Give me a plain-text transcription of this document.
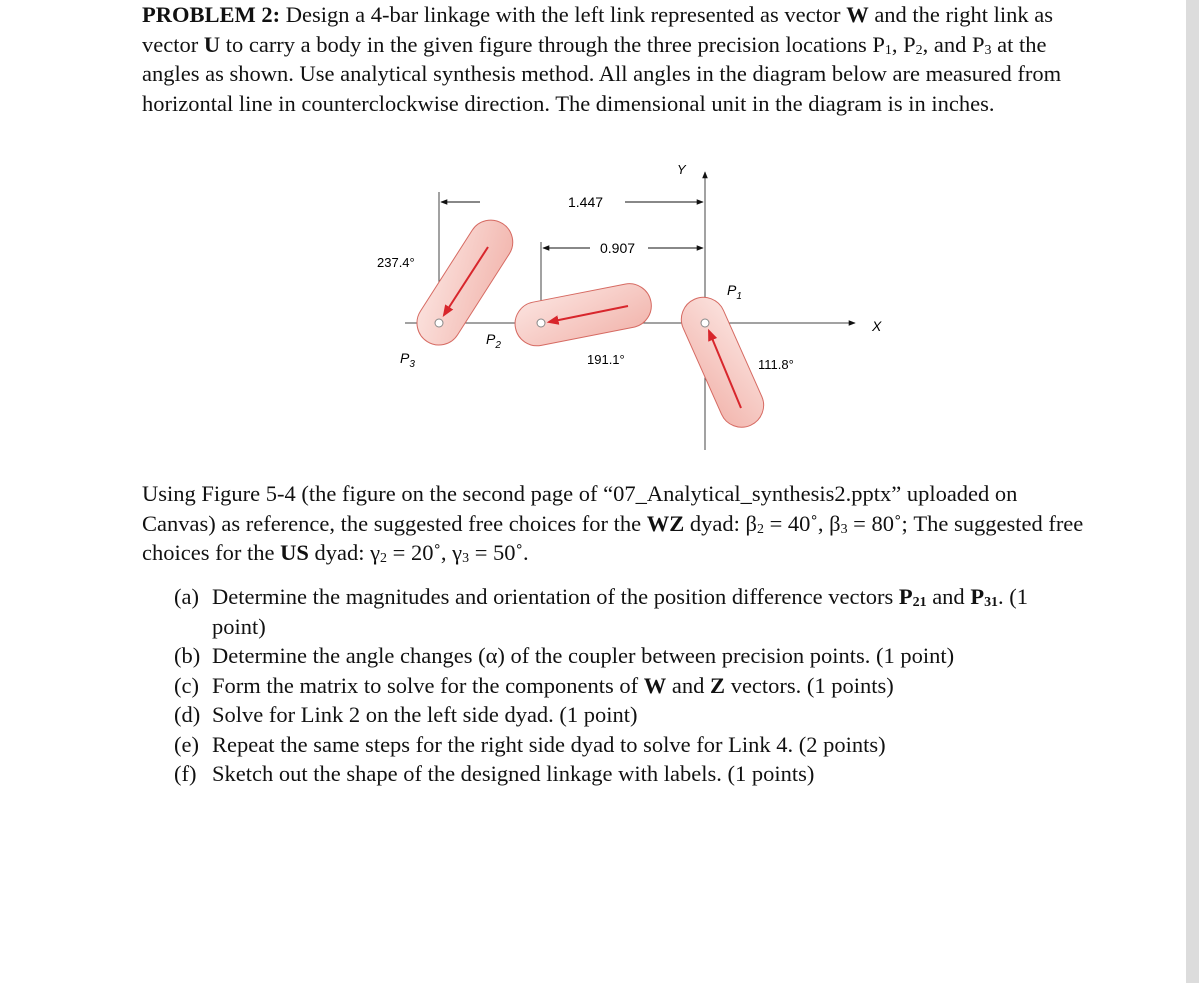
PROBLEM 2: Design a 4-bar linkage with the left link represented as vector W and the right link as vector U to carry a body in the given figure through the three precision locations $P_1$, $P_2$, and $P_3$ at the angles as shown. Use analytical synthesis method. All angles in the diagram below are measured from horizontal line in counterclockwise direction. The dimensional unit in the diagram is in inches.

X
Y
1.447
0.907
237.4°
$P_3$	191.1°
$P_2$
111.8°
$P_1$

Using Figure 5-4 (the figure on the second page of “07_Analytical_synthesis2.pptx” uploaded on Canvas) as reference, the suggested free choices for the WZ dyad: $\beta_2$ = 40˚, $\beta_3$ = 80˚; The suggested free choices for the US dyad: $\gamma_2$ = 20˚, $\gamma_3$ = 50˚.

(a) Determine the magnitudes and orientation of the position difference vectors $P_{21}$ and $P_{31}$. (1 point)
(b) Determine the angle changes (α) of the coupler between precision points. (1 point)
(c) Form the matrix to solve for the components of W and Z vectors. (1 points)
(d) Solve for Link 2 on the left side dyad. (1 point)
(e) Repeat the same steps for the right side dyad to solve for Link 4. (2 points)
(f) Sketch out the shape of the designed linkage with labels. (1 points)
